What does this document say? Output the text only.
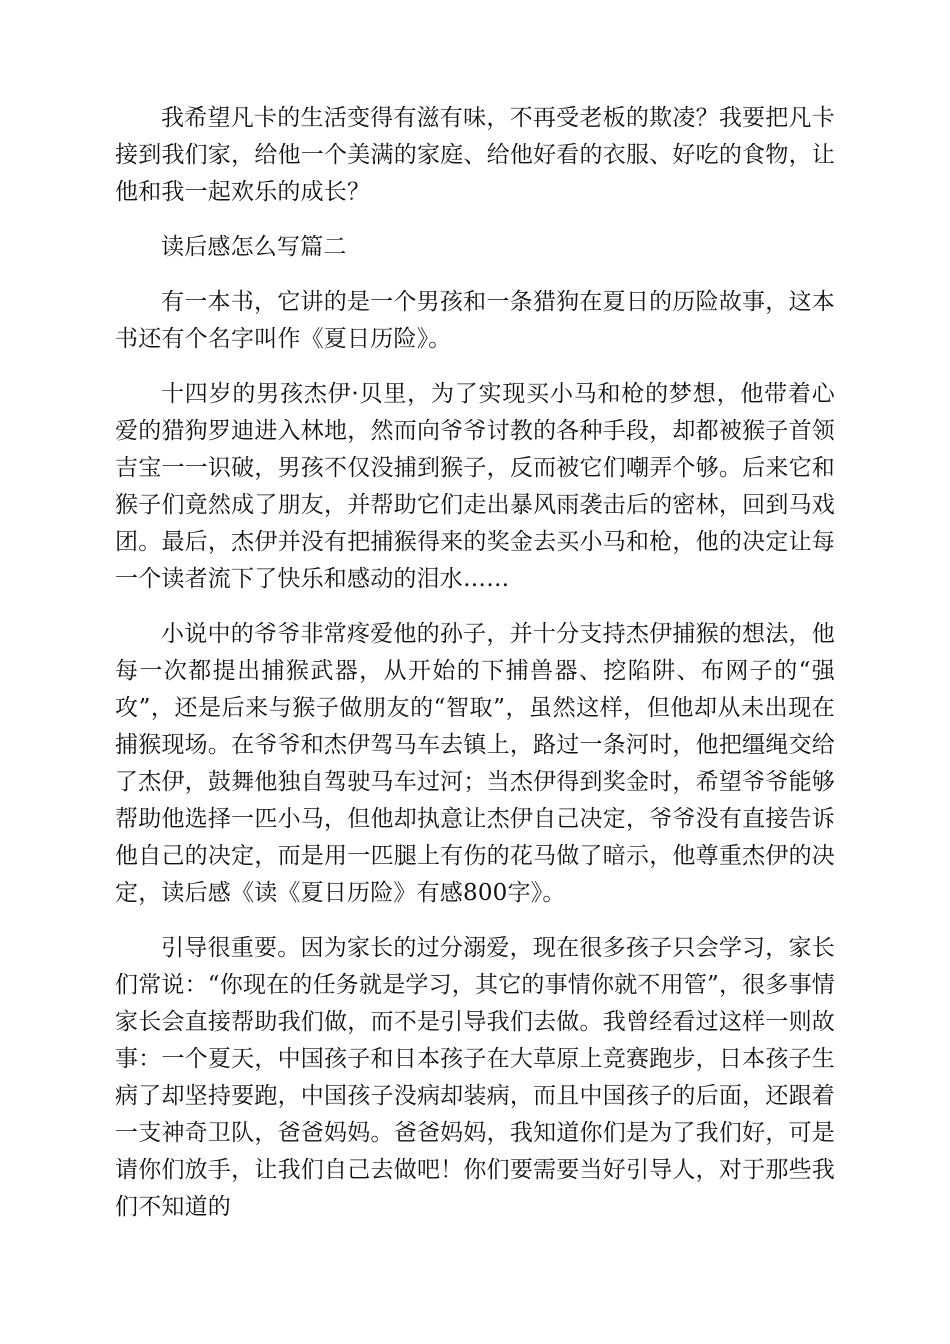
我希望凡卡的生活变得有滋有味，不再受老板的欺凌？我要把凡卡接到我们家，给他一个美满的家庭、给他好看的衣服、好吃的食物，让他和我一起欢乐的成长？

读后感怎么写篇二

有一本书，它讲的是一个男孩和一条猎狗在夏日的历险故事，这本书还有个名字叫作《夏日历险》。

十四岁的男孩杰伊·贝里，为了实现买小马和枪的梦想，他带着心爱的猎狗罗迪进入林地，然而向爷爷讨教的各种手段，却都被猴子首领吉宝一一识破，男孩不仅没捕到猴子，反而被它们嘲弄个够。后来它和猴子们竟然成了朋友，并帮助它们走出暴风雨袭击后的密林，回到马戏团。最后，杰伊并没有把捕猴得来的奖金去买小马和枪，他的决定让每一个读者流下了快乐和感动的泪水……

小说中的爷爷非常疼爱他的孙子，并十分支持杰伊捕猴的想法，他每一次都提出捕猴武器，从开始的下捕兽器、挖陷阱、布网子的“强攻”，还是后来与猴子做朋友的“智取”，虽然这样，但他却从未出现在捕猴现场。在爷爷和杰伊驾马车去镇上，路过一条河时，他把缰绳交给了杰伊，鼓舞他独自驾驶马车过河；当杰伊得到奖金时，希望爷爷能够帮助他选择一匹小马，但他却执意让杰伊自己决定，爷爷没有直接告诉他自己的决定，而是用一匹腿上有伤的花马做了暗示，他尊重杰伊的决定，读后感《读《夏日历险》有感800字》。

引导很重要。因为家长的过分溺爱，现在很多孩子只会学习，家长们常说：“你现在的任务就是学习，其它的事情你就不用管”，很多事情家长会直接帮助我们做，而不是引导我们去做。我曾经看过这样一则故事：一个夏天，中国孩子和日本孩子在大草原上竞赛跑步，日本孩子生病了却坚持要跑，中国孩子没病却装病，而且中国孩子的后面，还跟着一支神奇卫队，爸爸妈妈。爸爸妈妈，我知道你们是为了我们好，可是请你们放手，让我们自己去做吧！你们要需要当好引导人，对于那些我们不知道的
